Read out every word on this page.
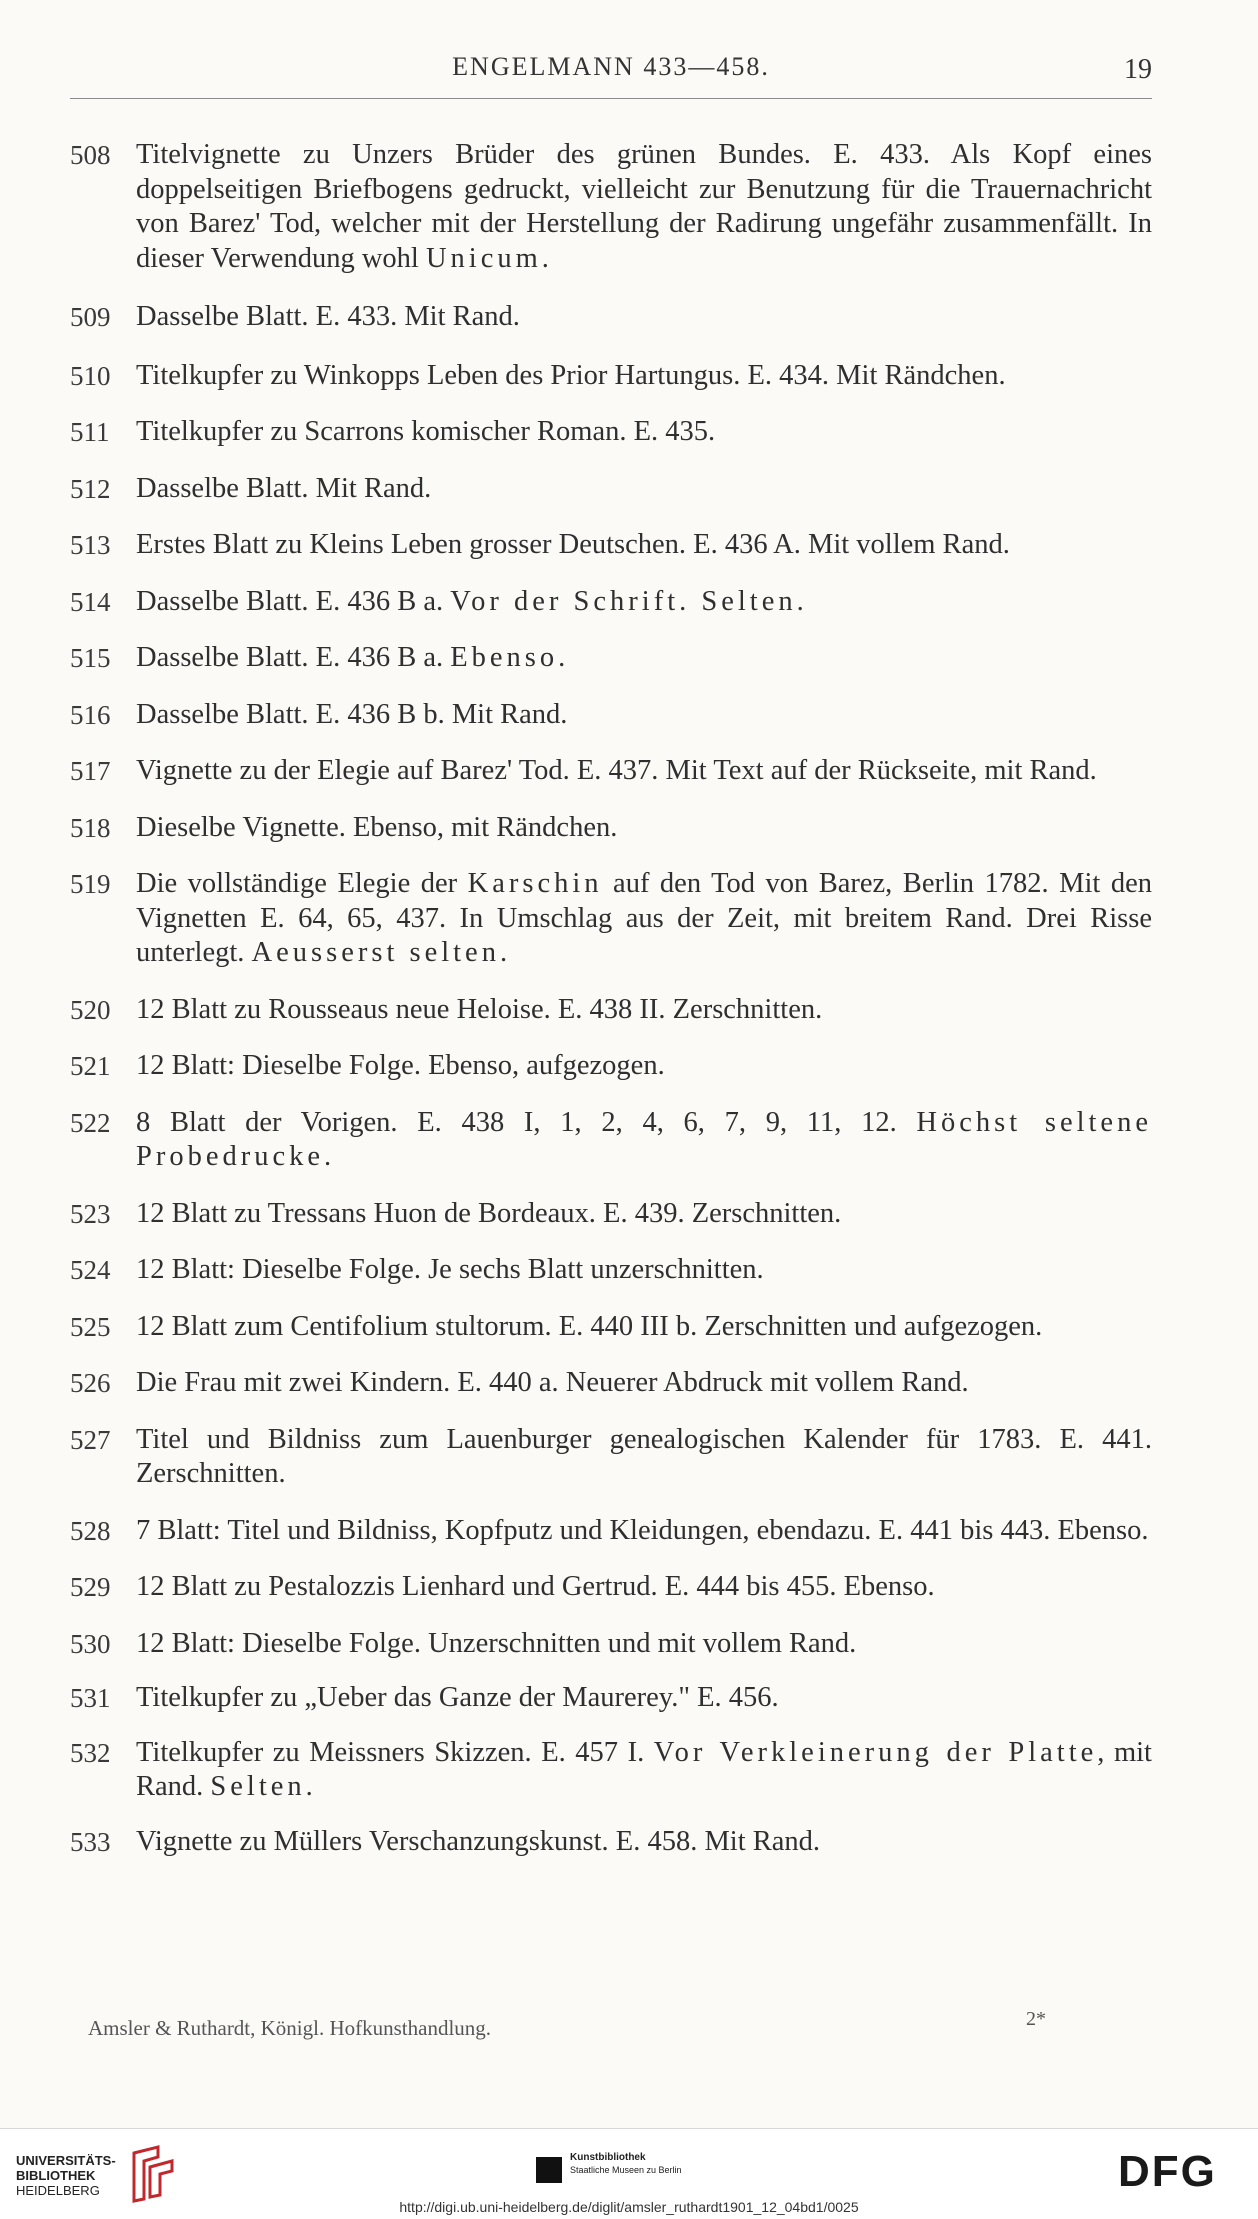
ENGELMANN 433—458.	19
508 Titelvignette zu Unzers Brüder des grünen Bundes. E. 433. Als Kopf eines doppelseitigen Briefbogens gedruckt, vielleicht zur Benutzung für die Trauernachricht von Barez' Tod, welcher mit der Herstellung der Radirung ungefähr zusammenfällt. In dieser Verwendung wohl Unicum.
509 Dasselbe Blatt. E. 433. Mit Rand.
510 Titelkupfer zu Winkopps Leben des Prior Hartungus. E. 434. Mit Rändchen.
511 Titelkupfer zu Scarrons komischer Roman. E. 435.
512 Dasselbe Blatt. Mit Rand.
513 Erstes Blatt zu Kleins Leben grosser Deutschen. E. 436 A. Mit vollem Rand.
514 Dasselbe Blatt. E. 436 B a. Vor der Schrift. Selten.
515 Dasselbe Blatt. E. 436 B a. Ebenso.
516 Dasselbe Blatt. E. 436 B b. Mit Rand.
517 Vignette zu der Elegie auf Barez' Tod. E. 437. Mit Text auf der Rückseite, mit Rand.
518 Dieselbe Vignette. Ebenso, mit Rändchen.
519 Die vollständige Elegie der Karschin auf den Tod von Barez, Berlin 1782. Mit den Vignetten E. 64, 65, 437. In Umschlag aus der Zeit, mit breitem Rand. Drei Risse unterlegt. Aeusserst selten.
520 12 Blatt zu Rousseaus neue Heloise. E. 438 II. Zerschnitten.
521 12 Blatt: Dieselbe Folge. Ebenso, aufgezogen.
522 8 Blatt der Vorigen. E. 438 I, 1, 2, 4, 6, 7, 9, 11, 12. Höchst seltene Probedrucke.
523 12 Blatt zu Tressans Huon de Bordeaux. E. 439. Zerschnitten.
524 12 Blatt: Dieselbe Folge. Je sechs Blatt unzerschnitten.
525 12 Blatt zum Centifolium stultorum. E. 440 III b. Zerschnitten und aufgezogen.
526 Die Frau mit zwei Kindern. E. 440 a. Neuerer Abdruck mit vollem Rand.
527 Titel und Bildniss zum Lauenburger genealogischen Kalender für 1783. E. 441. Zerschnitten.
528 7 Blatt: Titel und Bildniss, Kopfputz und Kleidungen, ebendazu. E. 441 bis 443. Ebenso.
529 12 Blatt zu Pestalozzis Lienhard und Gertrud. E. 444 bis 455. Ebenso.
530 12 Blatt: Dieselbe Folge. Unzerschnitten und mit vollem Rand.
531 Titelkupfer zu „Ueber das Ganze der Maurerey." E. 456.
532 Titelkupfer zu Meissners Skizzen. E. 457 I. Vor Verkleinerung der Platte, mit Rand. Selten.
533 Vignette zu Müllers Verschanzungskunst. E. 458. Mit Rand.
Amsler & Ruthardt, Königl. Hofkunsthandlung.	2*
UNIVERSITÄTS-
BIBLIOTHEK
HEIDELBERG
Kunstbibliothek
Staatliche Museen zu Berlin	DFG
http://digi.ub.uni-heidelberg.de/diglit/amsler_ruthardt1901_12_04bd1/0025
